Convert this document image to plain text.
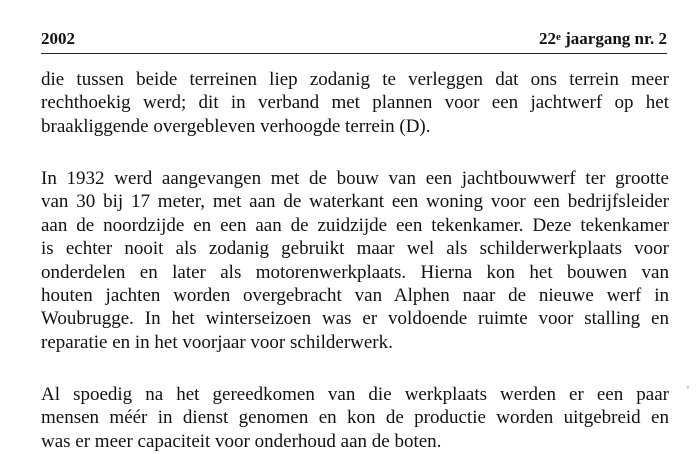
2002	22e jaargang nr. 2

die tussen beide terreinen liep zodanig te verleggen dat ons terrein meer
rechthoekig werd; dit in verband met plannen voor een jachtwerf op het
braakliggende overgebleven verhoogde terrein (D).

In 1932 werd aangevangen met de bouw van een jachtbouwwerf ter grootte
van 30 bij 17 meter, met aan de waterkant een woning voor een bedrijfsleider
aan de noordzijde en een aan de zuidzijde een tekenkamer. Deze tekenkamer
is echter nooit als zodanig gebruikt maar wel als schilderwerkplaats voor
onderdelen en later als motorenwerkplaats. Hierna kon het bouwen van
houten jachten worden overgebracht van Alphen naar de nieuwe werf in
Woubrugge. In het winterseizoen was er voldoende ruimte voor stalling en
reparatie en in het voorjaar voor schilderwerk.

Al spoedig na het gereedkomen van die werkplaats werden er een paar
mensen méér in dienst genomen en kon de productie worden uitgebreid en
was er meer capaciteit voor onderhoud aan de boten.

∘
